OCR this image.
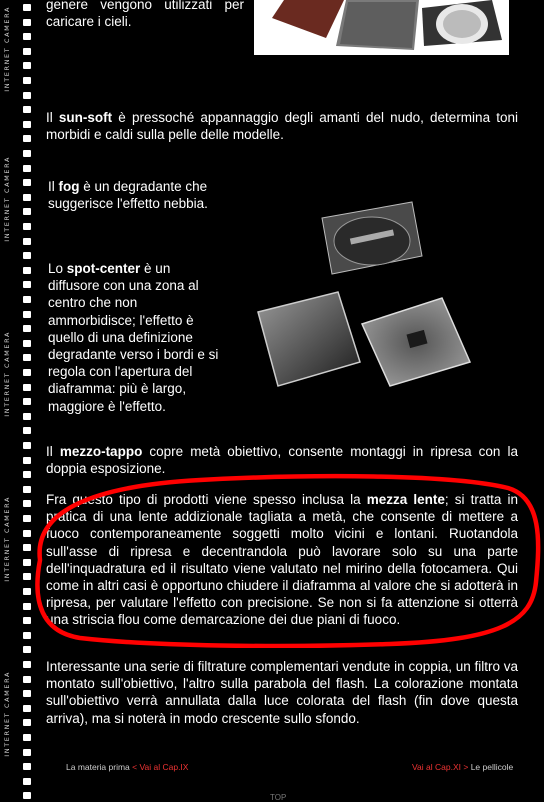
INTERNET CAMERA
INTERNET CAMERA
INTERNET CAMERA
INTERNET CAMERA
INTERNET CAMERA

genere vengono utilizzati per caricare i cieli.

Il sun-soft è pressoché appannaggio degli amanti del nudo, determina toni morbidi e caldi sulla pelle delle modelle.

Il fog è un degradante che suggerisce l'effetto nebbia.

Lo spot-center è un diffusore con una zona al centro che non ammorbidisce; l'effetto è quello di una definizione degradante verso i bordi e si regola con l'apertura del diaframma: più è largo, maggiore è l'effetto.

Il mezzo-tappo copre metà obiettivo, consente montaggi in ripresa con la doppia esposizione.

Fra questo tipo di prodotti viene spesso inclusa la mezza lente; si tratta in pratica di una lente addizionale tagliata a metà, che consente di mettere a fuoco contemporaneamente soggetti molto vicini e lontani. Ruotandola sull'asse di ripresa e decentrandola può lavorare solo su una parte dell'inquadratura ed il risultato viene valutato nel mirino della fotocamera. Qui come in altri casi è opportuno chiudere il diaframma al valore che si adotterà in ripresa, per valutare l'effetto con precisione. Se non si fa attenzione si otterrà una striscia flou come demarcazione dei due piani di fuoco.

Interessante una serie di filtrature complementari vendute in coppia, un filtro va montato sull'obiettivo, l'altro sulla parabola del flash. La colorazione montata sull'obiettivo verrà annullata dalla luce colorata del flash (fin dove questa arriva), ma si noterà in modo crescente sullo sfondo.

La materia prima < Vai al Cap.IX	Vai al Cap.XI > Le pellicole
TOP
